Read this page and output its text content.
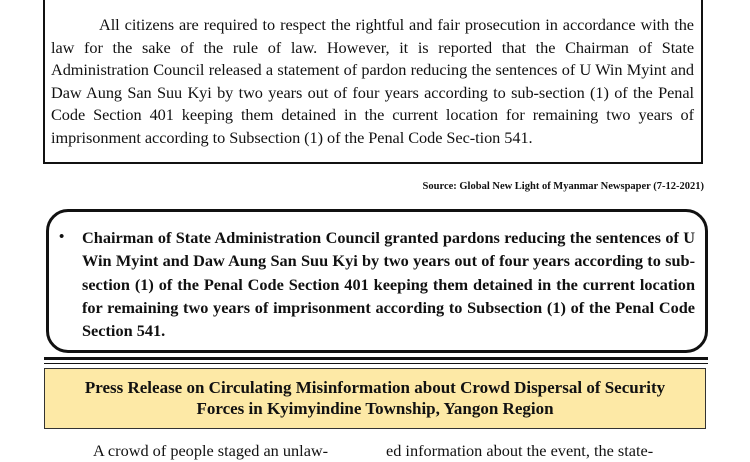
All citizens are required to respect the rightful and fair prosecution in accordance with the law for the sake of the rule of law. However, it is reported that the Chairman of State Administration Council released a statement of pardon reducing the sentences of U Win Myint and Daw Aung San Suu Kyi by two years out of four years according to sub-section (1) of the Penal Code Section 401 keeping them detained in the current location for remaining two years of imprisonment according to Subsection (1) of the Penal Code Sec-tion 541.

Source: Global New Light of Myanmar Newspaper (7-12-2021)
• Chairman of State Administration Council granted pardons reducing the sentences of U Win Myint and Daw Aung San Suu Kyi by two years out of four years according to sub-section (1) of the Penal Code Section 401 keeping them detained in the current location for remaining two years of imprisonment according to Subsection (1) of the Penal Code Section 541.
Press Release on Circulating Misinformation about Crowd Dispersal of Security
Forces in Kyimyindine Township, Yangon Region
A crowd of people staged an unlaw-	ed information about the event, the state-
